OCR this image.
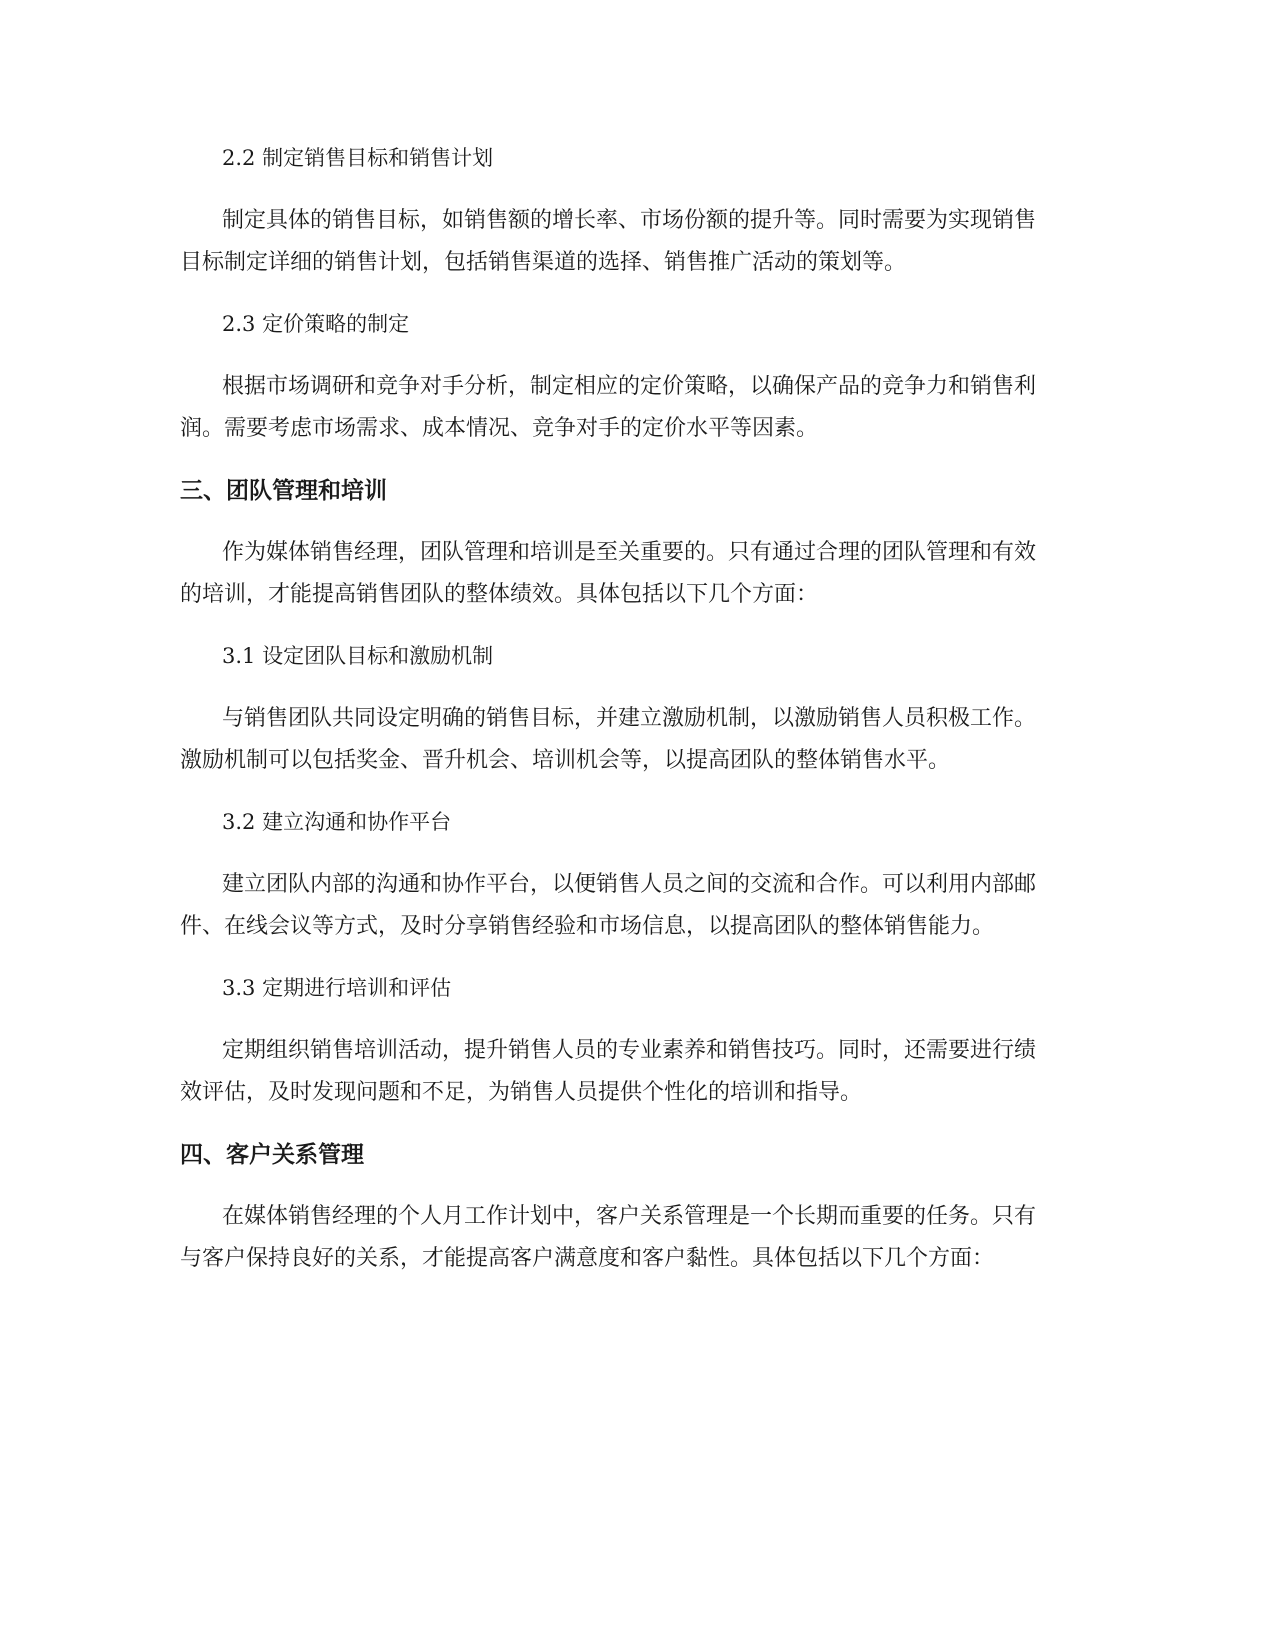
2.2 制定销售目标和销售计划

制定具体的销售目标，如销售额的增长率、市场份额的提升等。同时需要为实现销售目标制定详细的销售计划，包括销售渠道的选择、销售推广活动的策划等。

2.3 定价策略的制定

根据市场调研和竞争对手分析，制定相应的定价策略，以确保产品的竞争力和销售利润。需要考虑市场需求、成本情况、竞争对手的定价水平等因素。

三、团队管理和培训

作为媒体销售经理，团队管理和培训是至关重要的。只有通过合理的团队管理和有效的培训，才能提高销售团队的整体绩效。具体包括以下几个方面：

3.1 设定团队目标和激励机制

与销售团队共同设定明确的销售目标，并建立激励机制，以激励销售人员积极工作。激励机制可以包括奖金、晋升机会、培训机会等，以提高团队的整体销售水平。

3.2 建立沟通和协作平台

建立团队内部的沟通和协作平台，以便销售人员之间的交流和合作。可以利用内部邮件、在线会议等方式，及时分享销售经验和市场信息，以提高团队的整体销售能力。

3.3 定期进行培训和评估

定期组织销售培训活动，提升销售人员的专业素养和销售技巧。同时，还需要进行绩效评估，及时发现问题和不足，为销售人员提供个性化的培训和指导。

四、客户关系管理

在媒体销售经理的个人月工作计划中，客户关系管理是一个长期而重要的任务。只有与客户保持良好的关系，才能提高客户满意度和客户黏性。具体包括以下几个方面：
